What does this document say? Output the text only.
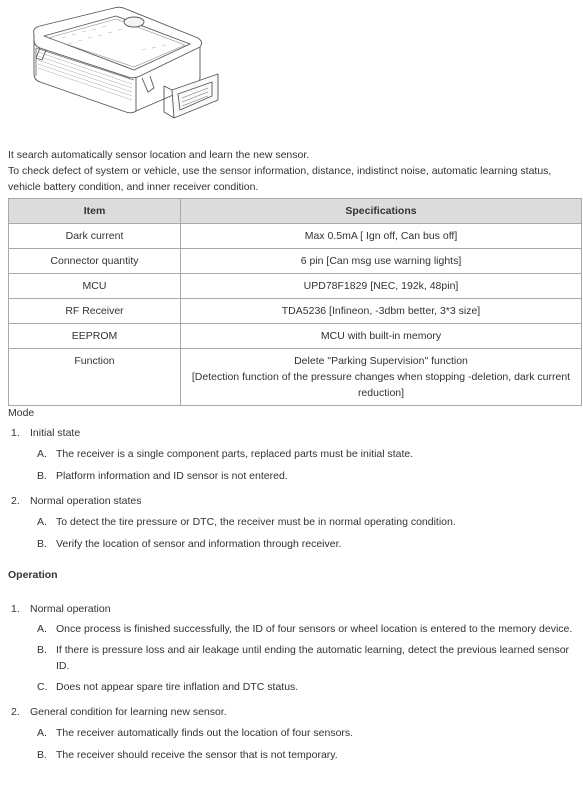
It search automatically sensor location and learn the new sensor.

To check defect of system or vehicle, use the sensor information, distance, indistinct noise, automatic learning status,

vehicle battery condition, and inner receiver condition.

Item	Specifications
Dark current	Max 0.5mA [ Ign off, Can bus off]
Connector quantity	6 pin [Can msg use warning lights]
MCU	UPD78F1829 [NEC, 192k, 48pin]
RF Receiver	TDA5236 [Infineon, -3dbm better, 3*3 size]
EEPROM	MCU with built-in memory
Function	Delete "Parking Supervision" function
[Detection function of the pressure changes when stopping -deletion, dark current reduction]

Mode

1. Initial state
A. The receiver is a single component parts, replaced parts must be initial state.
B. Platform information and ID sensor is not entered.
2. Normal operation states
A. To detect the tire pressure or DTC, the receiver must be in normal operating condition.
B. Verify the location of sensor and information through receiver.

Operation

1. Normal operation
A. Once process is finished successfully, the ID of four sensors or wheel location is entered to the memory device.
B. If there is pressure loss and air leakage until ending the automatic learning, detect the previous learned sensor ID.
C. Does not appear spare tire inflation and DTC status.
2. General condition for learning new sensor.
A. The receiver automatically finds out the location of four sensors.
B. The receiver should receive the sensor that is not temporary.
